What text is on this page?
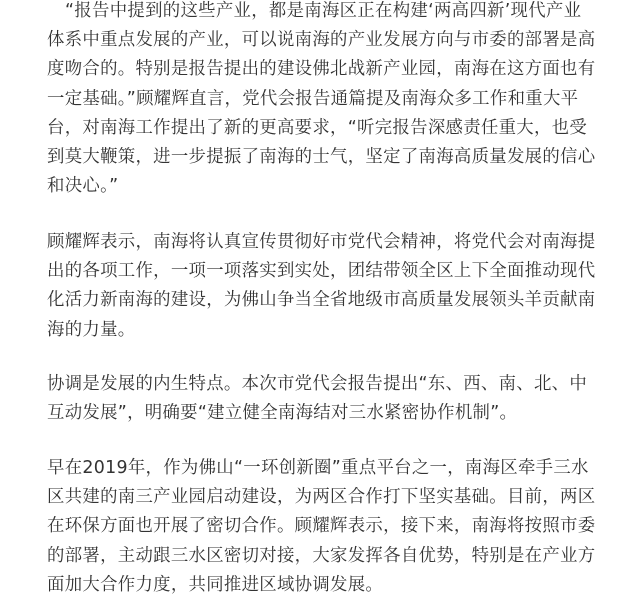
“报告中提到的这些产业，都是南海区正在构建‘两高四新’现代产业
体系中重点发展的产业，可以说南海的产业发展方向与市委的部署是高
度吻合的。特别是报告提出的建设佛北战新产业园，南海在这方面也有
一定基础。”顾耀辉直言，党代会报告通篇提及南海众多工作和重大平
台，对南海工作提出了新的更高要求，“听完报告深感责任重大，也受
到莫大鞭策，进一步提振了南海的士气，坚定了南海高质量发展的信心
和决心。”

顾耀辉表示，南海将认真宣传贯彻好市党代会精神，将党代会对南海提
出的各项工作，一项一项落实到实处，团结带领全区上下全面推动现代
化活力新南海的建设，为佛山争当全省地级市高质量发展领头羊贡献南
海的力量。

协调是发展的内生特点。本次市党代会报告提出“东、西、南、北、中
互动发展”，明确要“建立健全南海结对三水紧密协作机制”。

早在2019年，作为佛山“一环创新圈”重点平台之一，南海区牵手三水
区共建的南三产业园启动建设，为两区合作打下坚实基础。目前，两区
在环保方面也开展了密切合作。顾耀辉表示，接下来，南海将按照市委
的部署，主动跟三水区密切对接，大家发挥各自优势，特别是在产业方
面加大合作力度，共同推进区域协调发展。
